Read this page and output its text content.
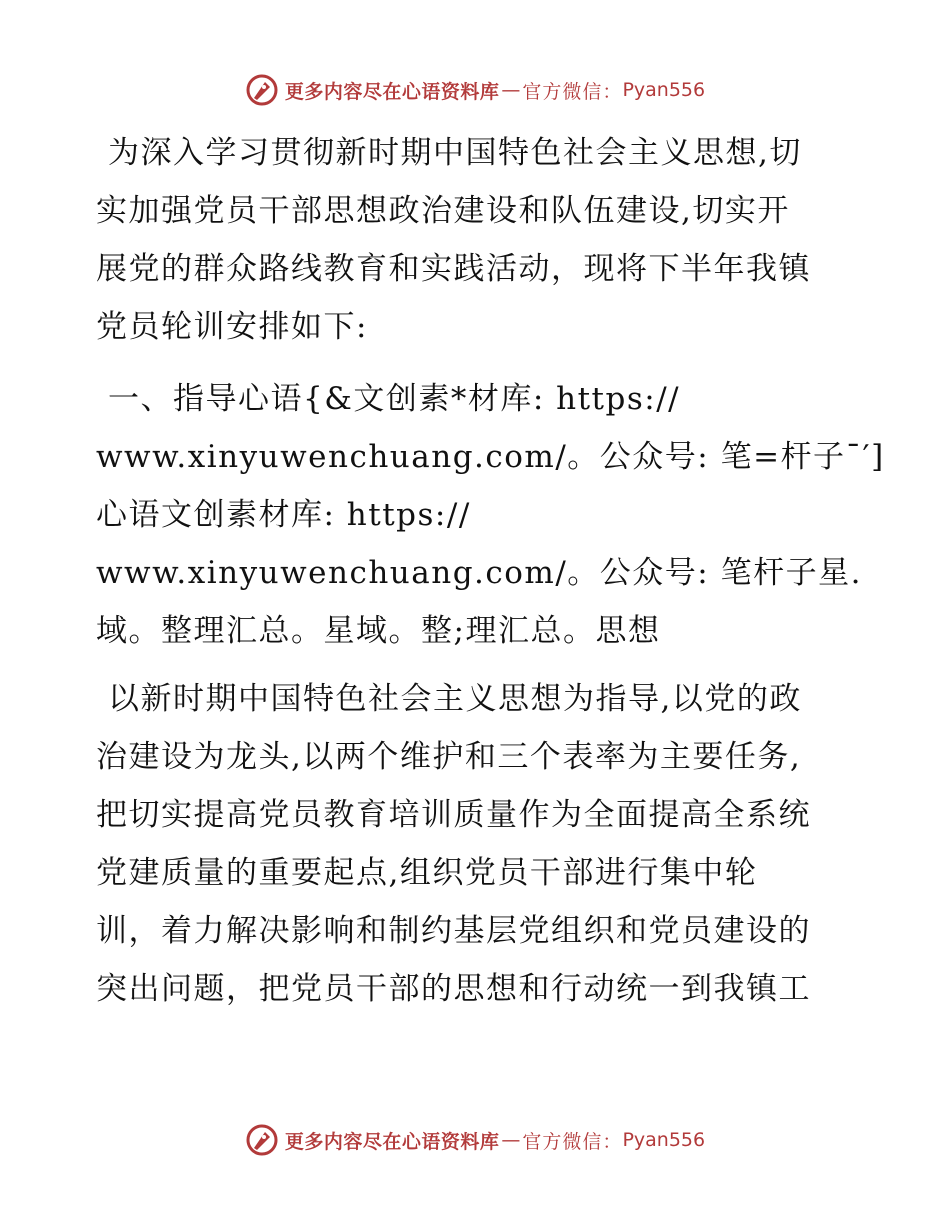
更多内容尽在心语资料库 — 官方微信： Pyan556

为深入学习贯彻新时期中国特色社会主义思想,切
实加强党员干部思想政治建设和队伍建设,切实开
展党的群众路线教育和实践活动，现将下半年我镇
党员轮训安排如下:

一、指导心语{&文创素*材库: https://
www.xinyuwenchuang.com/。公众号: 笔=杆子¯′]
心语文创素材库: https://
www.xinyuwenchuang.com/。公众号: 笔杆子星.
域。整理汇总。星域。整;理汇总。思想

以新时期中国特色社会主义思想为指导,以党的政
治建设为龙头,以两个维护和三个表率为主要任务,
把切实提高党员教育培训质量作为全面提高全系统
党建质量的重要起点,组织党员干部进行集中轮
训，着力解决影响和制约基层党组织和党员建设的
突出问题，把党员干部的思想和行动统一到我镇工

更多内容尽在心语资料库 — 官方微信： Pyan556
